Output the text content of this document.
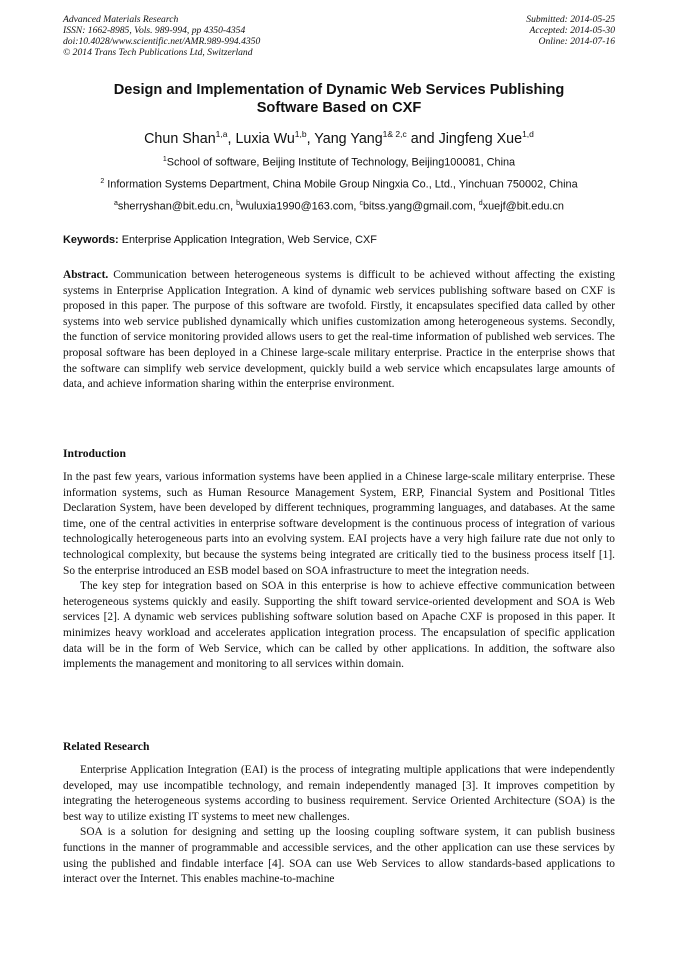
Advanced Materials Research
ISSN: 1662-8985, Vols. 989-994, pp 4350-4354
doi:10.4028/www.scientific.net/AMR.989-994.4350
© 2014 Trans Tech Publications Ltd, Switzerland
Submitted: 2014-05-25
Accepted: 2014-05-30
Online: 2014-07-16
Design and Implementation of Dynamic Web Services Publishing
Software Based on CXF
Chun Shan$^{1,a}$, Luxia Wu$^{1,b}$, Yang Yang$^{1\& 2,c}$ and Jingfeng Xue$^{1,d}$
$^1$School of software, Beijing Institute of Technology, Beijing100081, China
$^2$ Information Systems Department, China Mobile Group Ningxia Co., Ltd., Yinchuan 750002, China
$^a$sherryshan@bit.edu.cn, $^b$wuluxia1990@163.com, $^c$bitss.yang@gmail.com, $^d$xuejf@bit.edu.cn
Keywords: Enterprise Application Integration, Web Service, CXF

Abstract. Communication between heterogeneous systems is difficult to be achieved without affecting the existing systems in Enterprise Application Integration. A kind of dynamic web services publishing software based on CXF is proposed in this paper. The purpose of this software are twofold. Firstly, it encapsulates specified data called by other systems into web service published dynamically which unifies customization among heterogeneous systems. Secondly, the function of service monitoring provided allows users to get the real-time information of published web services. The proposal software has been deployed in a Chinese large-scale military enterprise. Practice in the enterprise shows that the software can simplify web service development, quickly build a web service which encapsulates large amounts of data, and achieve information sharing within the enterprise environment.

Introduction

In the past few years, various information systems have been applied in a Chinese large-scale military enterprise. These information systems, such as Human Resource Management System, ERP, Financial System and Positional Titles Declaration System, have been developed by different techniques, programming languages, and databases. At the same time, one of the central activities in enterprise software development is the continuous process of integration of various technologically heterogeneous parts into an evolving system. EAI projects have a very high failure rate due not only to technological complexity, but because the systems being integrated are critically tied to the business process itself [1]. So the enterprise introduced an ESB model based on SOA infrastructure to meet the integration needs.

The key step for integration based on SOA in this enterprise is how to achieve effective communication between heterogeneous systems quickly and easily. Supporting the shift toward service-oriented development and SOA is Web services [2]. A dynamic web services publishing software solution based on Apache CXF is proposed in this paper. It minimizes heavy workload and accelerates application integration process. The encapsulation of specific application data will be in the form of Web Service, which can be called by other applications. In addition, the software also implements the management and monitoring to all services within domain.

Related Research

Enterprise Application Integration (EAI) is the process of integrating multiple applications that were independently developed, may use incompatible technology, and remain independently managed [3]. It improves competition by integrating the heterogeneous systems according to business requirement. Service Oriented Architecture (SOA) is the best way to utilize existing IT systems to meet new challenges.

SOA is a solution for designing and setting up the loosing coupling software system, it can publish business functions in the manner of programmable and accessible services, and the other application can use these services by using the published and findable interface [4]. SOA can use Web Services to allow standards-based applications to interact over the Internet. This enables machine-to-machine
